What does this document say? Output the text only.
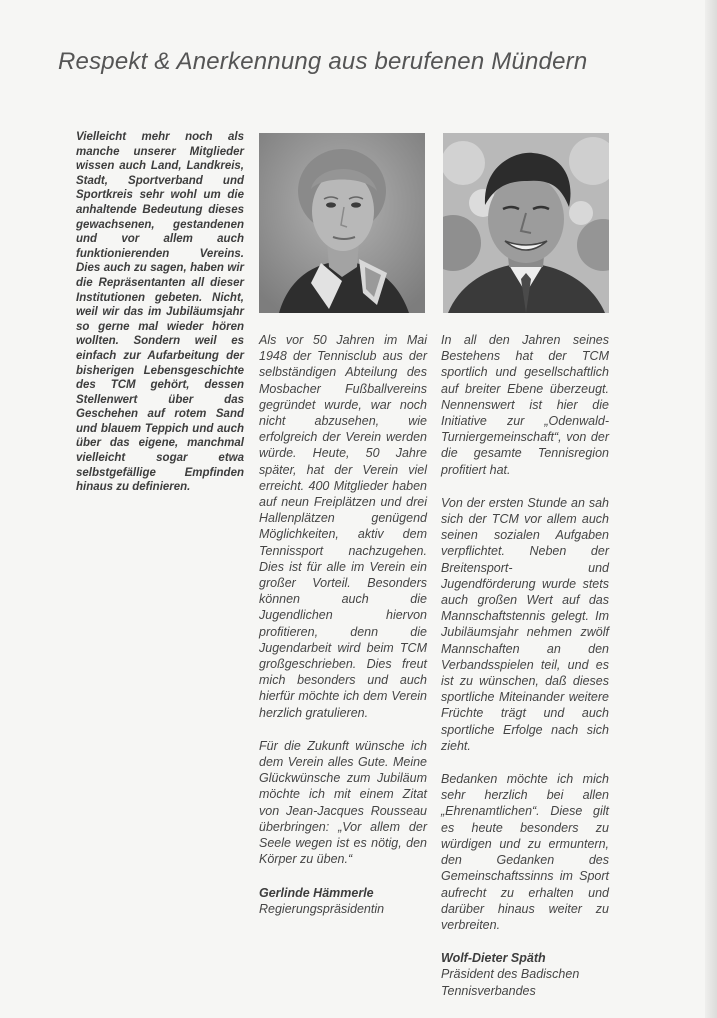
Respekt & Anerkennung aus berufenen Mündern

Vielleicht mehr noch als manche unserer Mitglieder wissen auch Land, Landkreis, Stadt, Sportverband und Sportkreis sehr wohl um die anhaltende Bedeutung dieses gewachsenen, gestandenen und vor allem auch funktionierenden Vereins. Dies auch zu sagen, haben wir die Repräsentanten all dieser Institutionen gebeten. Nicht, weil wir das im Jubiläumsjahr so gerne mal wieder hören wollten. Sondern weil es einfach zur Aufarbeitung der bisherigen Lebensgeschichte des TCM gehört, dessen Stellenwert über das Geschehen auf rotem Sand und blauem Teppich und auch über das eigene, manchmal vielleicht sogar etwa selbstgefällige Empfinden hinaus zu definieren.

Als vor 50 Jahren im Mai 1948 der Tennisclub aus der selbständigen Abteilung des Mosbacher Fußballvereins gegründet wurde, war noch nicht abzusehen, wie erfolgreich der Verein werden würde. Heute, 50 Jahre später, hat der Verein viel erreicht. 400 Mitglieder haben auf neun Freiplätzen und drei Hallenplätzen genügend Möglichkeiten, aktiv dem Tennissport nachzugehen. Dies ist für alle im Verein ein großer Vorteil. Besonders können auch die Jugendlichen hiervon profitieren, denn die Jugendarbeit wird beim TCM großgeschrieben. Dies freut mich besonders und auch hierfür möchte ich dem Verein herzlich gratulieren.

Für die Zukunft wünsche ich dem Verein alles Gute. Meine Glückwünsche zum Jubiläum möchte ich mit einem Zitat von Jean-Jacques Rousseau überbringen: „Vor allem der Seele wegen ist es nötig, den Körper zu üben.“

Gerlinde Hämmerle
Regierungspräsidentin

In all den Jahren seines Bestehens hat der TCM sportlich und gesellschaftlich auf breiter Ebene überzeugt. Nennenswert ist hier die Initiative zur „Odenwald-Turniergemeinschaft“, von der die gesamte Tennisregion profitiert hat.

Von der ersten Stunde an sah sich der TCM vor allem auch seinen sozialen Aufgaben verpflichtet. Neben der Breitensport- und Jugendförderung wurde stets auch großen Wert auf das Mannschaftstennis gelegt. Im Jubiläumsjahr nehmen zwölf Mannschaften an den Verbandsspielen teil, und es ist zu wünschen, daß dieses sportliche Miteinander weitere Früchte trägt und auch sportliche Erfolge nach sich zieht.

Bedanken möchte ich mich sehr herzlich bei allen „Ehrenamtlichen“. Diese gilt es heute besonders zu würdigen und zu ermuntern, den Gedanken des Gemeinschaftssinns im Sport aufrecht zu erhalten und darüber hinaus weiter zu verbreiten.

Wolf-Dieter Späth
Präsident des Badischen Tennisverbandes
